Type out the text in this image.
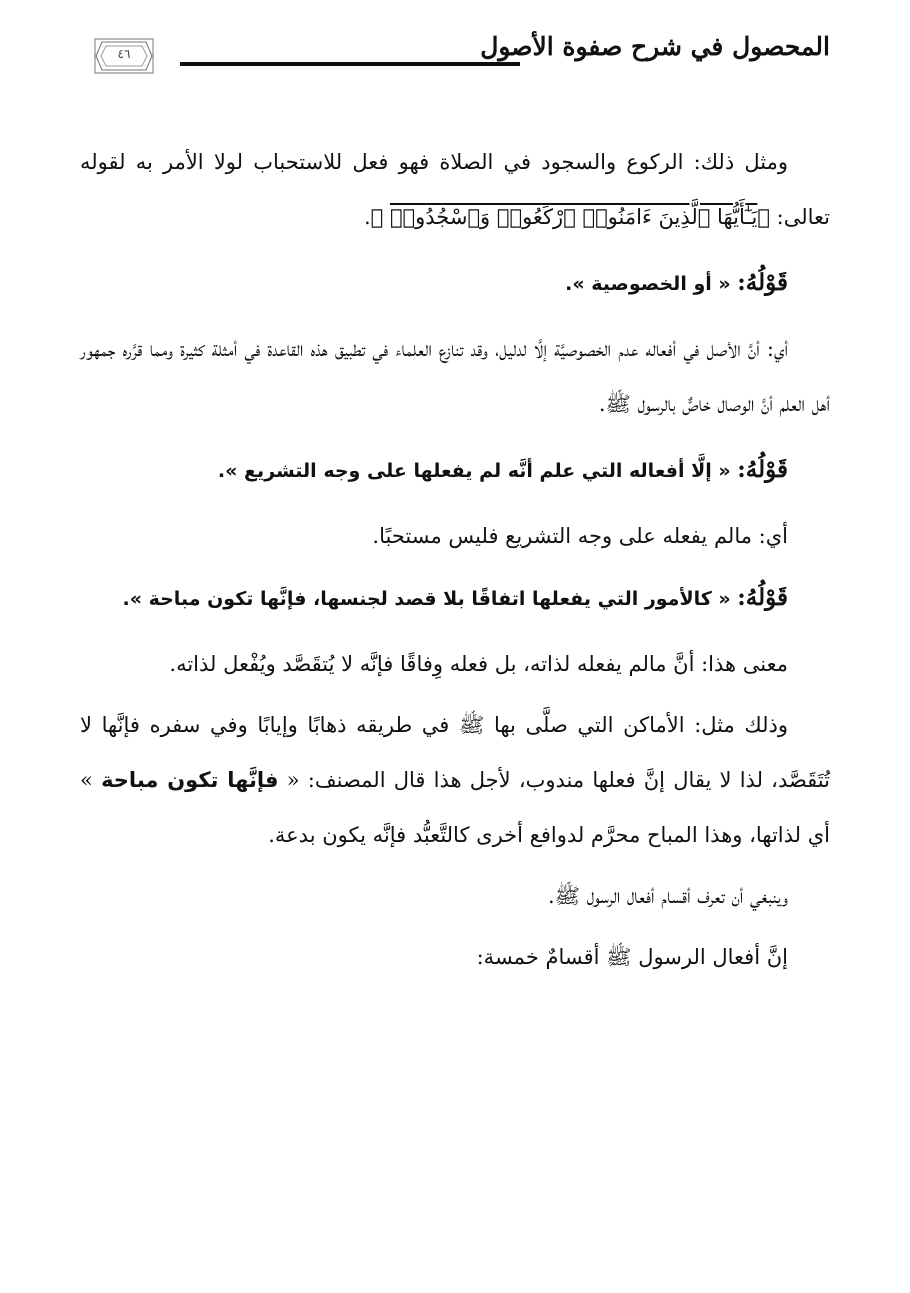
المحصول في شرح صفوة الأصول
٤٦

ومثل ذلك: الركوع والسجود في الصلاة فهو فعل للاستحباب لولا الأمر به لقوله تعالى: ﴿يَـٰٓأَيُّهَا ٱلَّذِينَ ءَامَنُوا۟ ٱرْكَعُوا۟ وَٱسْجُدُوا۟ ﴾.

قَوْلُهُ: « أو الخصوصية ».

أي: أنَّ الأصل في أفعاله عدم الخصوصيَّة إلَّا لدليل، وقد تنازع العلماء في تطبيق هذه القاعدة في أمثلة كثيرة ومما قرَّره جمهور أهل العلم أنَّ الوصال خاصٌّ بالرسول ﷺ.

قَوْلُهُ: « إلَّا أفعاله التي علم أنَّه لم يفعلها على وجه التشريع ».

أي: مالم يفعله على وجه التشريع فليس مستحبًا.

قَوْلُهُ: « كالأمور التي يفعلها اتفاقًا بلا قصد لجنسها، فإنَّها تكون مباحة ».

معنى هذا: أنَّ مالم يفعله لذاته، بل فعله وِفاقًا فإنَّه لا يُتقَصَّد ويُفْعل لذاته.

وذلك مثل: الأماكن التي صلَّى بها ﷺ في طريقه ذهابًا وإيابًا وفي سفره فإنَّها لا تُتَقَصَّد، لذا لا يقال إنَّ فعلها مندوب، لأجل هذا قال المصنف: « فإنَّها تكون مباحة » أي لذاتها، وهذا المباح محرَّم لدوافع أخرى كالتَّعبُّد فإنَّه يكون بدعة.

وينبغي أن تعرف أقسام أفعال الرسول ﷺ.

إنَّ أفعال الرسول ﷺ أقسامٌ خمسة:
